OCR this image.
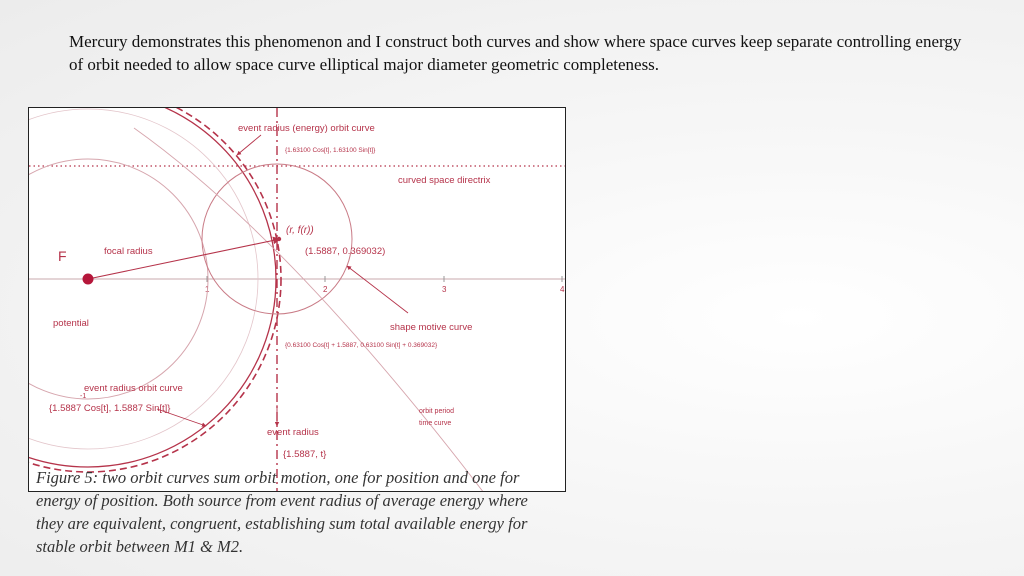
Mercury demonstrates this phenomenon and I construct both curves and show where space curves keep separate controlling energy of orbit needed to allow space curve elliptical major diameter geometric completeness.
1	2	3	4
-1
event radius (energy) orbit curve
{1.63100 Cos[t], 1.63100 Sin[t]}
curved space directrix
(r, f(r))
(1.5887, 0.369032)
F	focal radius
potential	shape motive curve
{0.63100 Cos[t] + 1.5887, 0.63100 Sin[t] + 0.369032}
event radius orbit curve
{1.5887 Cos[t], 1.5887 Sin[t]}	orbit period
time curve
event radius
{1.5887, t}
Figure 5: two orbit curves sum orbit motion, one for position and one for energy of position. Both source from event radius of average energy where they are equivalent, congruent, establishing sum total available energy for stable orbit between M1 & M2.
